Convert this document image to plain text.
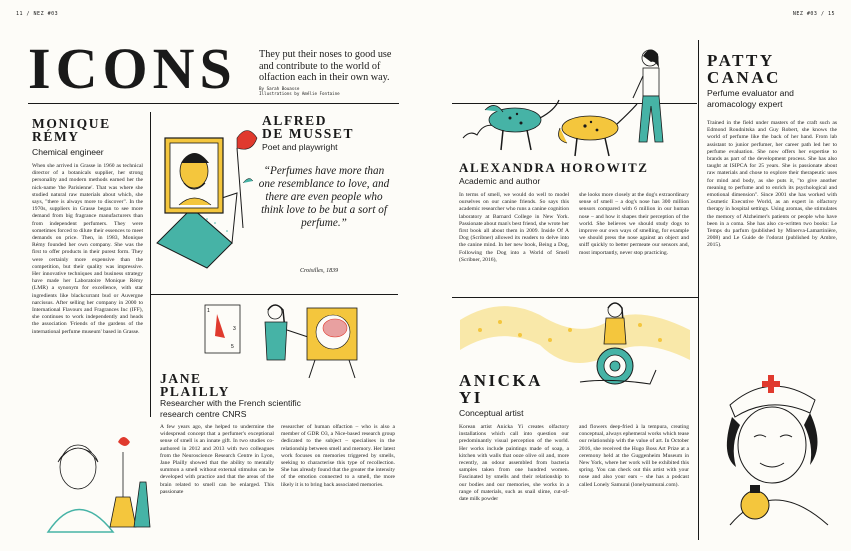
11 / NEZ #03	NEZ #03 / 15
ICONS They put their noses to good use and contribute to the world of olfaction each in their own way.
By Sarah Bouasse
Illustrations by Amélie Fontaine
MONIQUE
RÉMY
Chemical engineer
When she arrived in Grasse in 1960 as technical director of a botanicals supplier, her strong personality and modern methods earned her the nick-name 'the Parisienne'. That was where she studied natural raw materials about which, she says, "there is always more to discover". In the 1970s, suppliers in Grasse began to see more demand from big fragrance manufacturers than from independent perfumers. They were sometimes forced to dilute their essences to meet demands on price. Then, in 1983, Monique Rémy founded her own company. She was the first to offer products in their purest form. They were certainly more expensive than the competition, but their quality was impressive. Her innovative techniques and business strategy have made her Laboratoire Monique Rémy (LMR) a synonym for excellence, with star ingredients like blackcurrant bud or Auvergne narcissus. After selling her company in 2000 to International Flavours and Fragrances Inc (IFF), she continues to work independently and heads the association 'Friends of the gardens of the international perfume museum' based in Grasse.
ALFRED
DE MUSSET
Poet and playwright
“Perfumes have more than one resemblance to love, and there are even people who think love to be but a sort of perfume.”
Croisilles, 1839
ALEXANDRA HOROWITZ
Academic and author
In terms of smell, we would do well to model ourselves on our canine friends. So says this academic researcher who runs a canine cognition laboratory at Barnard College in New York. Passionate about man's best friend, she wrote her first book all about them in 2009. Inside Of A Dog (Scribner) allowed its readers to delve into the canine mind. In her new book, Being a Dog, Following the Dog into a World of Smell (Scribner, 2016),
she looks more closely at the dog's extraordinary sense of smell – a dog's nose has 300 million sensors compared with 6 million in our human nose – and how it shapes their perception of the world. She believes we should study dogs to improve our own ways of smelling, for example we should press the nose against an object and sniff quickly to better permeate our sensors and, most importantly, never stop practicing.
PATTY
CANAC
Perfume evaluator and aromacology expert
Trained in the field under masters of the craft such as Edmond Roudnitska and Guy Robert, she knows the world of perfume like the back of her hand. From lab assistant to junior perfumer, her career path led her to perfume evaluation. She now offers her expertise to brands as part of the development process. She has also taught at ISIPCA for 25 years. She is passionate about raw materials and chose to explore their therapeutic uses for mind and body, as she puts it, "to give another meaning to perfume and to enrich its psychological and emotional dimension". Since 2001 she has worked with Cosmetic Executive World, as an expert in olfactory therapy in hospital settings. Using aromas, she stimulates the memory of Alzheimer's patients or people who have been in a coma. She has also co-written two books: Le Temps du parfum (published by Minerva-Lamartinière, 2008) and Le Guide de l'odorat (published by Ambre, 2015).
1
3
5
JANE
PLAILLY
Researcher with the French scientific research centre CNRS
A few years ago, she helped to undermine the widespread concept that a perfumer's exceptional sense of smell is an innate gift. In two studies co-authored in 2012 and 2013 with two colleagues from the Neuroscience Research Centre in Lyon, Jane Plailly showed that the ability to mentally summon a smell without external stimulus can be developed with practice and that the areas of the brain related to smell can be enlarged. This passionate
researcher of human olfaction – who is also a member of GDR O3, a Nice-based research group dedicated to the subject – specialises in the relationship between smell and memory. Her latest work focuses on memories triggered by smells, seeking to characterise this type of recollection. She has already found that the greater the intensity of the emotion connected to a smell, the more likely it is to bring back associated memories.
ANICKA
YI
Conceptual artist
Korean artist Anicka Yi creates olfactory installations which call into question our predominantly visual perception of the world. Her works include paintings made of soap, a kitchen with walls that ooze olive oil and, more recently, an odour assembled from bacteria samples taken from one hundred women. Fascinated by smells and their relationship to our bodies and our memories, she works in a range of materials, such as snail slime, cut-of-date milk powder
and flowers deep-fried à la tempura, creating conceptual, always ephemeral works which tease our relationship with the value of art. In October 2016, she received the Hugo Boss Art Prize at a ceremony held at the Guggenheim Museum in New York, where her work will be exhibited this spring. You can check out this artist with your nose and also your ears – she has a podcast called Lonely Samurai (lonelysamurai.com).
